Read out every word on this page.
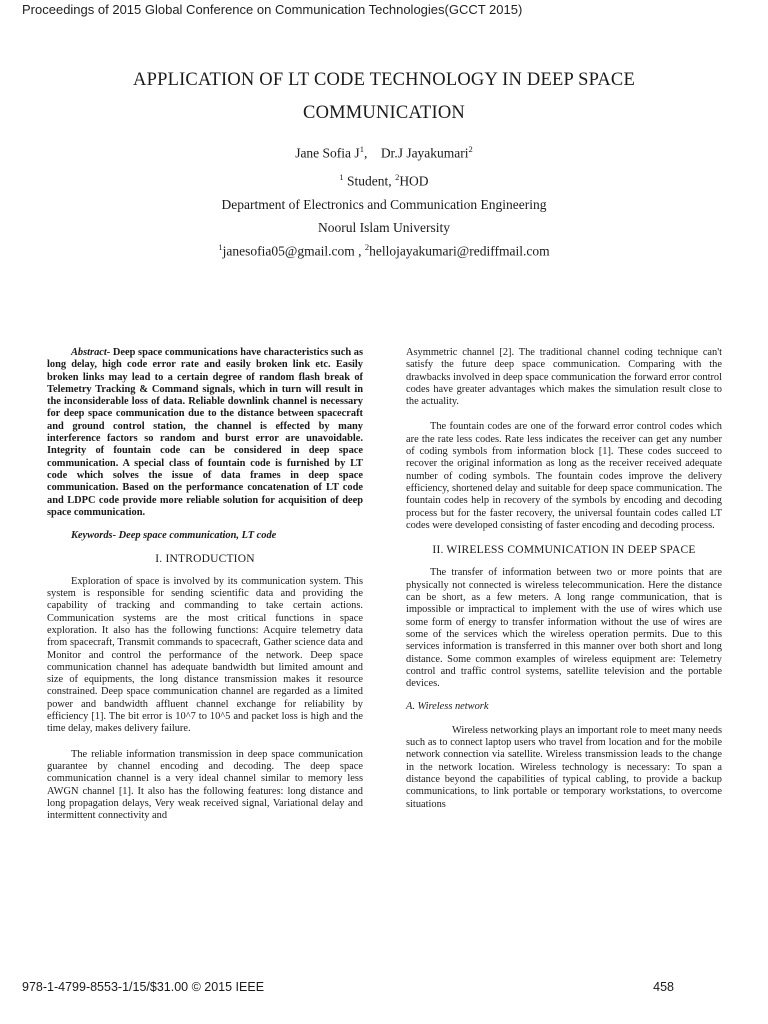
Proceedings of 2015 Global Conference on Communication Technologies(GCCT 2015)
APPLICATION OF LT CODE TECHNOLOGY IN DEEP SPACE
COMMUNICATION
Jane Sofia $J^1$, Dr.J Jayakumari$^2$
$^1$ Student, $^2$HOD
Department of Electronics and Communication Engineering
Noorul Islam University
$^1$janesofia05@gmail.com , $^2$hellojayakumari@rediffmail.com

Abstract- Deep space communications have characteristics such as long delay, high code error rate and easily broken link etc. Easily broken links may lead to a certain degree of random flash break of Telemetry Tracking & Command signals, which in turn will result in the inconsiderable loss of data. Reliable downlink channel is necessary for deep space communication due to the distance between spacecraft and ground control station, the channel is effected by many interference factors so random and burst error are unavoidable. Integrity of fountain code can be considered in deep space communication. A special class of fountain code is furnished by LT code which solves the issue of data frames in deep space communication. Based on the performance concatenation of LT code and LDPC code provide more reliable solution for acquisition of deep space communication.

Keywords- Deep space communication, LT code

I. INTRODUCTION

Exploration of space is involved by its communication system. This system is responsible for sending scientific data and providing the capability of tracking and commanding to take certain actions. Communication systems are the most critical functions in space exploration. It also has the following functions: Acquire telemetry data from spacecraft, Transmit commands to spacecraft, Gather science data and Monitor and control the performance of the network. Deep space communication channel has adequate bandwidth but limited amount and size of equipments, the long distance transmission makes it resource constrained. Deep space communication channel are regarded as a limited power and bandwidth affluent channel exchange for reliability by efficiency [1]. The bit error is 10^7 to 10^5 and packet loss is high and the time delay, makes delivery failure.

The reliable information transmission in deep space communication guarantee by channel encoding and decoding. The deep space communication channel is a very ideal channel similar to memory less AWGN channel [1]. It also has the following features: long distance and long propagation delays, Very weak received signal, Variational delay and intermittent connectivity and

Asymmetric channel [2]. The traditional channel coding technique can't satisfy the future deep space communication. Comparing with the drawbacks involved in deep space communication the forward error control codes have greater advantages which makes the simulation result close to the actuality.

The fountain codes are one of the forward error control codes which are the rate less codes. Rate less indicates the receiver can get any number of coding symbols from information block [1]. These codes succeed to recover the original information as long as the receiver received adequate number of coding symbols. The fountain codes improve the delivery efficiency, shortened delay and suitable for deep space communication. The fountain codes help in recovery of the symbols by encoding and decoding process but for the faster recovery, the universal fountain codes called LT codes were developed consisting of faster encoding and decoding process.

II. WIRELESS COMMUNICATION IN DEEP SPACE

The transfer of information between two or more points that are physically not connected is wireless telecommunication. Here the distance can be short, as a few meters. A long range communication, that is impossible or impractical to implement with the use of wires which use some form of energy to transfer information without the use of wires are some of the services which the wireless operation permits. Due to this services information is transferred in this manner over both short and long distance. Some common examples of wireless equipment are: Telemetry control and traffic control systems, satellite television and the portable devices.

A. Wireless network

Wireless networking plays an important role to meet many needs such as to connect laptop users who travel from location and for the mobile network connection via satellite. Wireless transmission leads to the change in the network location. Wireless technology is necessary: To span a distance beyond the capabilities of typical cabling, to provide a backup communications, to link portable or temporary workstations, to overcome situations

978-1-4799-8553-1/15/$31.00 © 2015 IEEE	458
